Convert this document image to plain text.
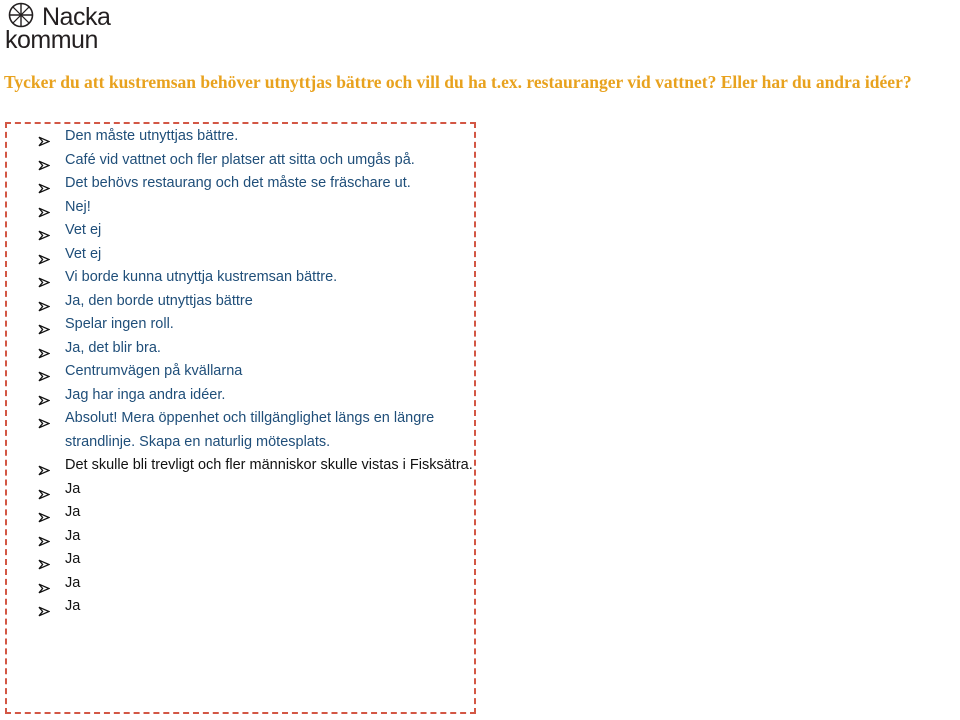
Nacka
kommun
Tycker du att kustremsan behöver utnyttjas bättre och vill du ha t.ex. restauranger vid vattnet? Eller har du andra idéer?
Den måste utnyttjas bättre.
Café vid vattnet och fler platser att sitta och umgås på.
Det behövs restaurang och det måste se fräschare ut.
Nej!
Vet ej
Vet ej
Vi borde kunna utnyttja kustremsan bättre.
Ja, den borde utnyttjas bättre
Spelar ingen roll.
Ja, det blir bra.
Centrumvägen på kvällarna
Jag har inga andra idéer.
Absolut! Mera öppenhet och tillgänglighet längs en längre strandlinje. Skapa en naturlig mötesplats.
Det skulle bli trevligt och fler människor skulle vistas i Fisksätra.
Ja
Ja
Ja
Ja
Ja
Ja
